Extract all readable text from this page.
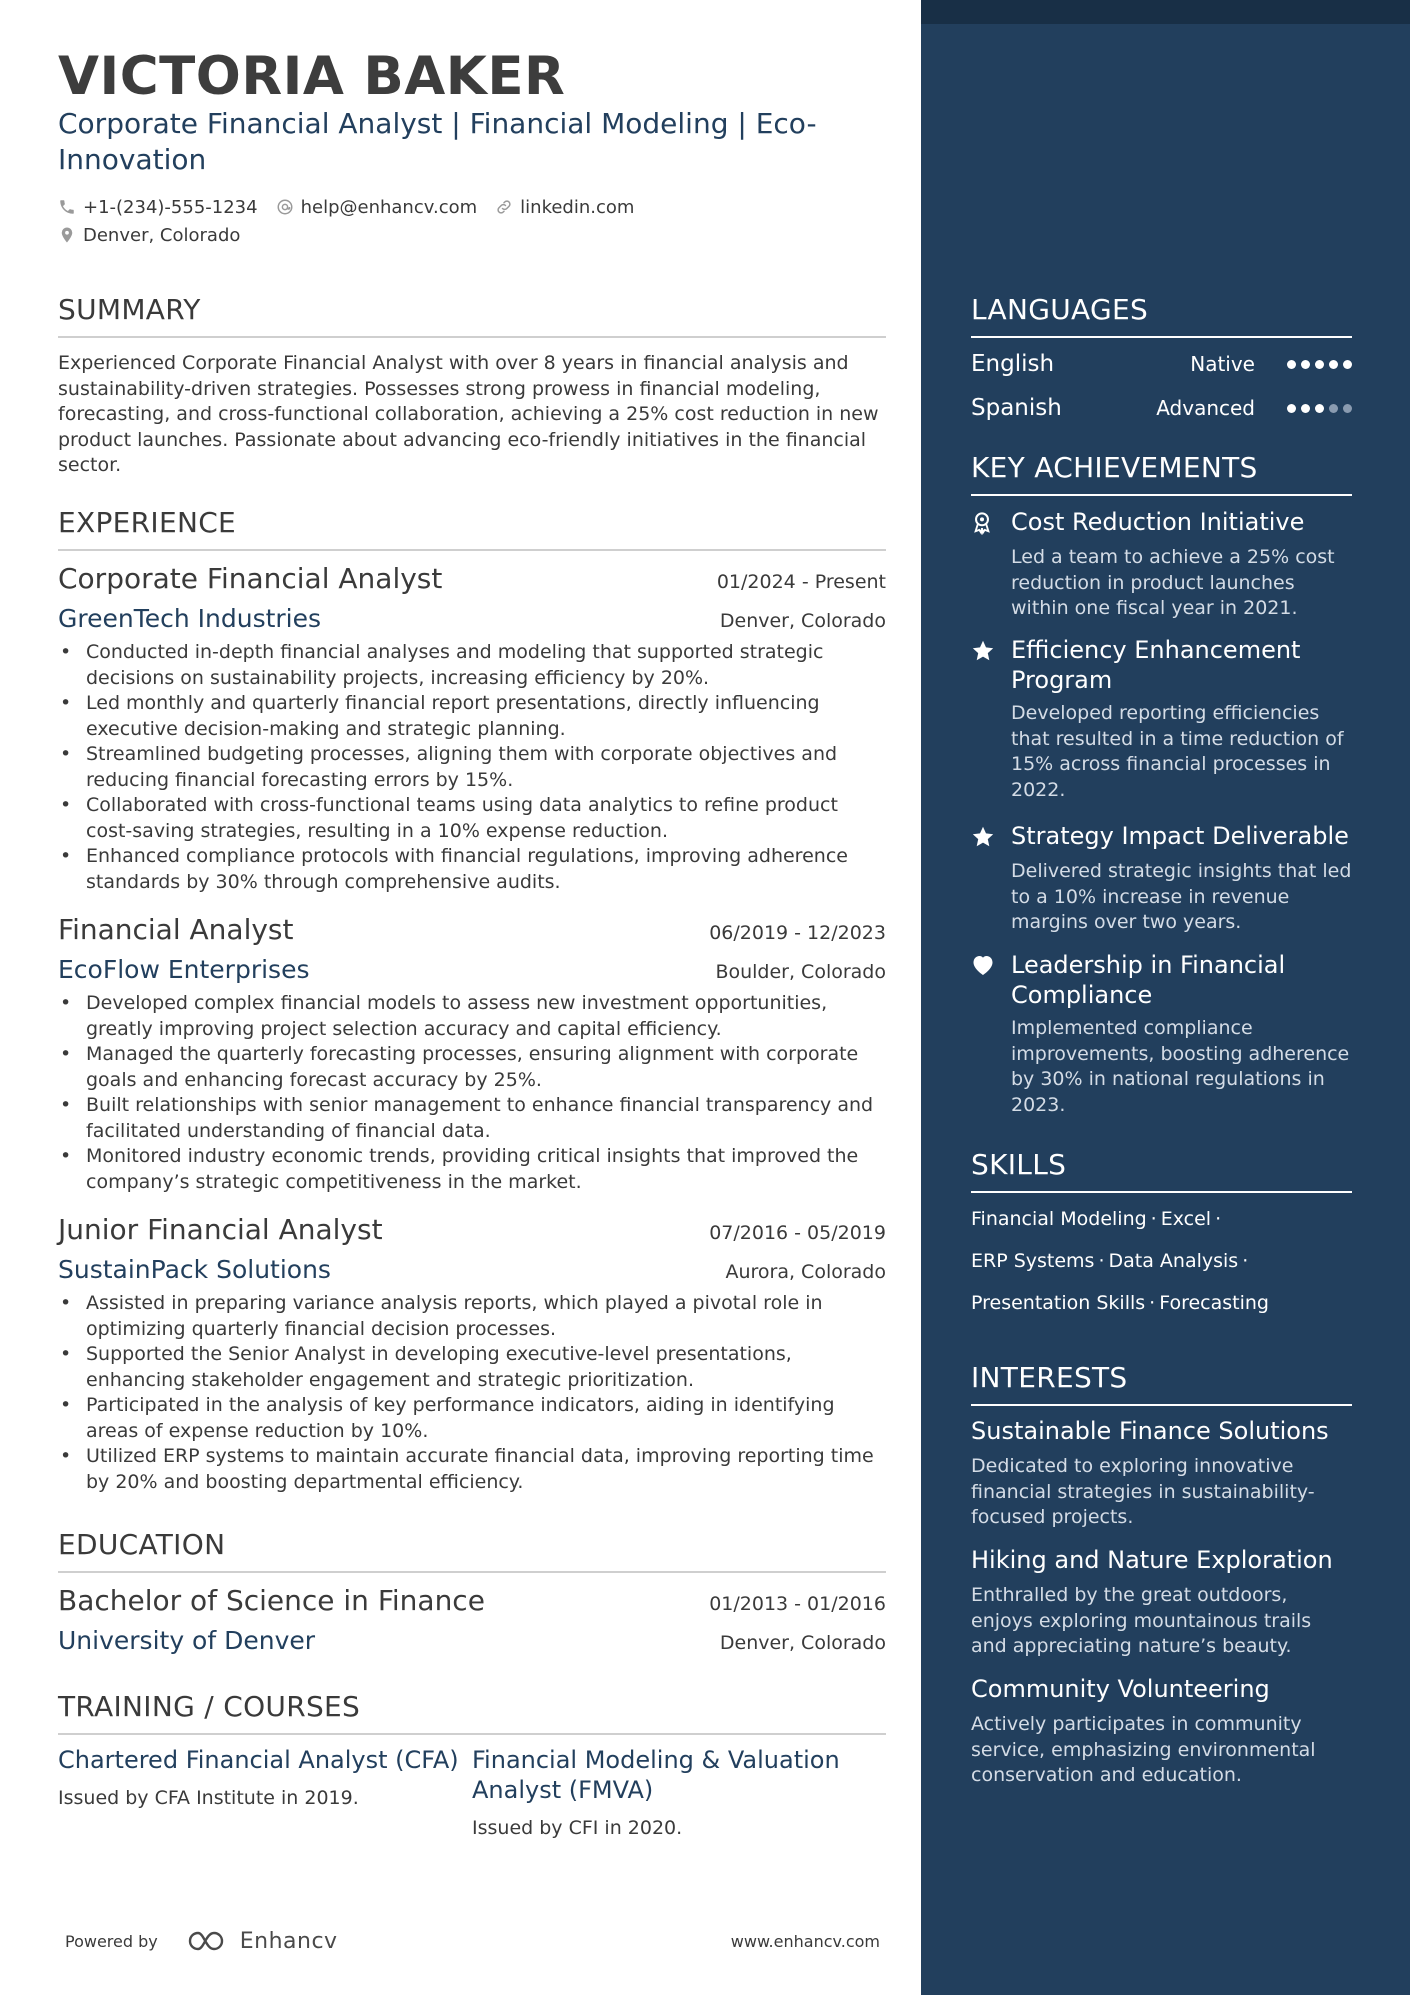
VICTORIA BAKER
Corporate Financial Analyst | Financial Modeling | Eco-Innovation
+1-(234)-555-1234 help@enhancv.com linkedin.com
Denver, Colorado
SUMMARY
Experienced Corporate Financial Analyst with over 8 years in financial analysis and sustainability-driven strategies. Possesses strong prowess in financial modeling, forecasting, and cross-functional collaboration, achieving a 25% cost reduction in new product launches. Passionate about advancing eco-friendly initiatives in the financial sector.
EXPERIENCE
Corporate Financial Analyst	01/2024 - Present
GreenTech Industries	Denver, Colorado
• Conducted in-depth financial analyses and modeling that supported strategic decisions on sustainability projects, increasing efficiency by 20%.
• Led monthly and quarterly financial report presentations, directly influencing executive decision-making and strategic planning.
• Streamlined budgeting processes, aligning them with corporate objectives and reducing financial forecasting errors by 15%.
• Collaborated with cross-functional teams using data analytics to refine product cost-saving strategies, resulting in a 10% expense reduction.
• Enhanced compliance protocols with financial regulations, improving adherence standards by 30% through comprehensive audits.
Financial Analyst	06/2019 - 12/2023
EcoFlow Enterprises	Boulder, Colorado
• Developed complex financial models to assess new investment opportunities, greatly improving project selection accuracy and capital efficiency.
• Managed the quarterly forecasting processes, ensuring alignment with corporate goals and enhancing forecast accuracy by 25%.
• Built relationships with senior management to enhance financial transparency and facilitated understanding of financial data.
• Monitored industry economic trends, providing critical insights that improved the company’s strategic competitiveness in the market.
Junior Financial Analyst	07/2016 - 05/2019
SustainPack Solutions	Aurora, Colorado
• Assisted in preparing variance analysis reports, which played a pivotal role in optimizing quarterly financial decision processes.
• Supported the Senior Analyst in developing executive-level presentations, enhancing stakeholder engagement and strategic prioritization.
• Participated in the analysis of key performance indicators, aiding in identifying areas of expense reduction by 10%.
• Utilized ERP systems to maintain accurate financial data, improving reporting time by 20% and boosting departmental efficiency.
EDUCATION
Bachelor of Science in Finance	01/2013 - 01/2016
University of Denver	Denver, Colorado
TRAINING / COURSES
Chartered Financial Analyst (CFA)
Issued by CFA Institute in 2019.
Financial Modeling & Valuation Analyst (FMVA)
Issued by CFI in 2020.
Powered by	Enhancv	www.enhancv.com
LANGUAGES
English	Native
Spanish	Advanced
KEY ACHIEVEMENTS
Cost Reduction Initiative
Led a team to achieve a 25% cost reduction in product launches within one fiscal year in 2021.
Efficiency Enhancement Program
Developed reporting efficiencies that resulted in a time reduction of 15% across financial processes in 2022.
Strategy Impact Deliverable
Delivered strategic insights that led to a 10% increase in revenue margins over two years.
Leadership in Financial Compliance
Implemented compliance improvements, boosting adherence by 30% in national regulations in 2023.
SKILLS
Financial Modeling · Excel ·
ERP Systems · Data Analysis ·
Presentation Skills · Forecasting
INTERESTS
Sustainable Finance Solutions
Dedicated to exploring innovative financial strategies in sustainability-focused projects.
Hiking and Nature Exploration
Enthralled by the great outdoors, enjoys exploring mountainous trails and appreciating nature’s beauty.
Community Volunteering
Actively participates in community service, emphasizing environmental conservation and education.
